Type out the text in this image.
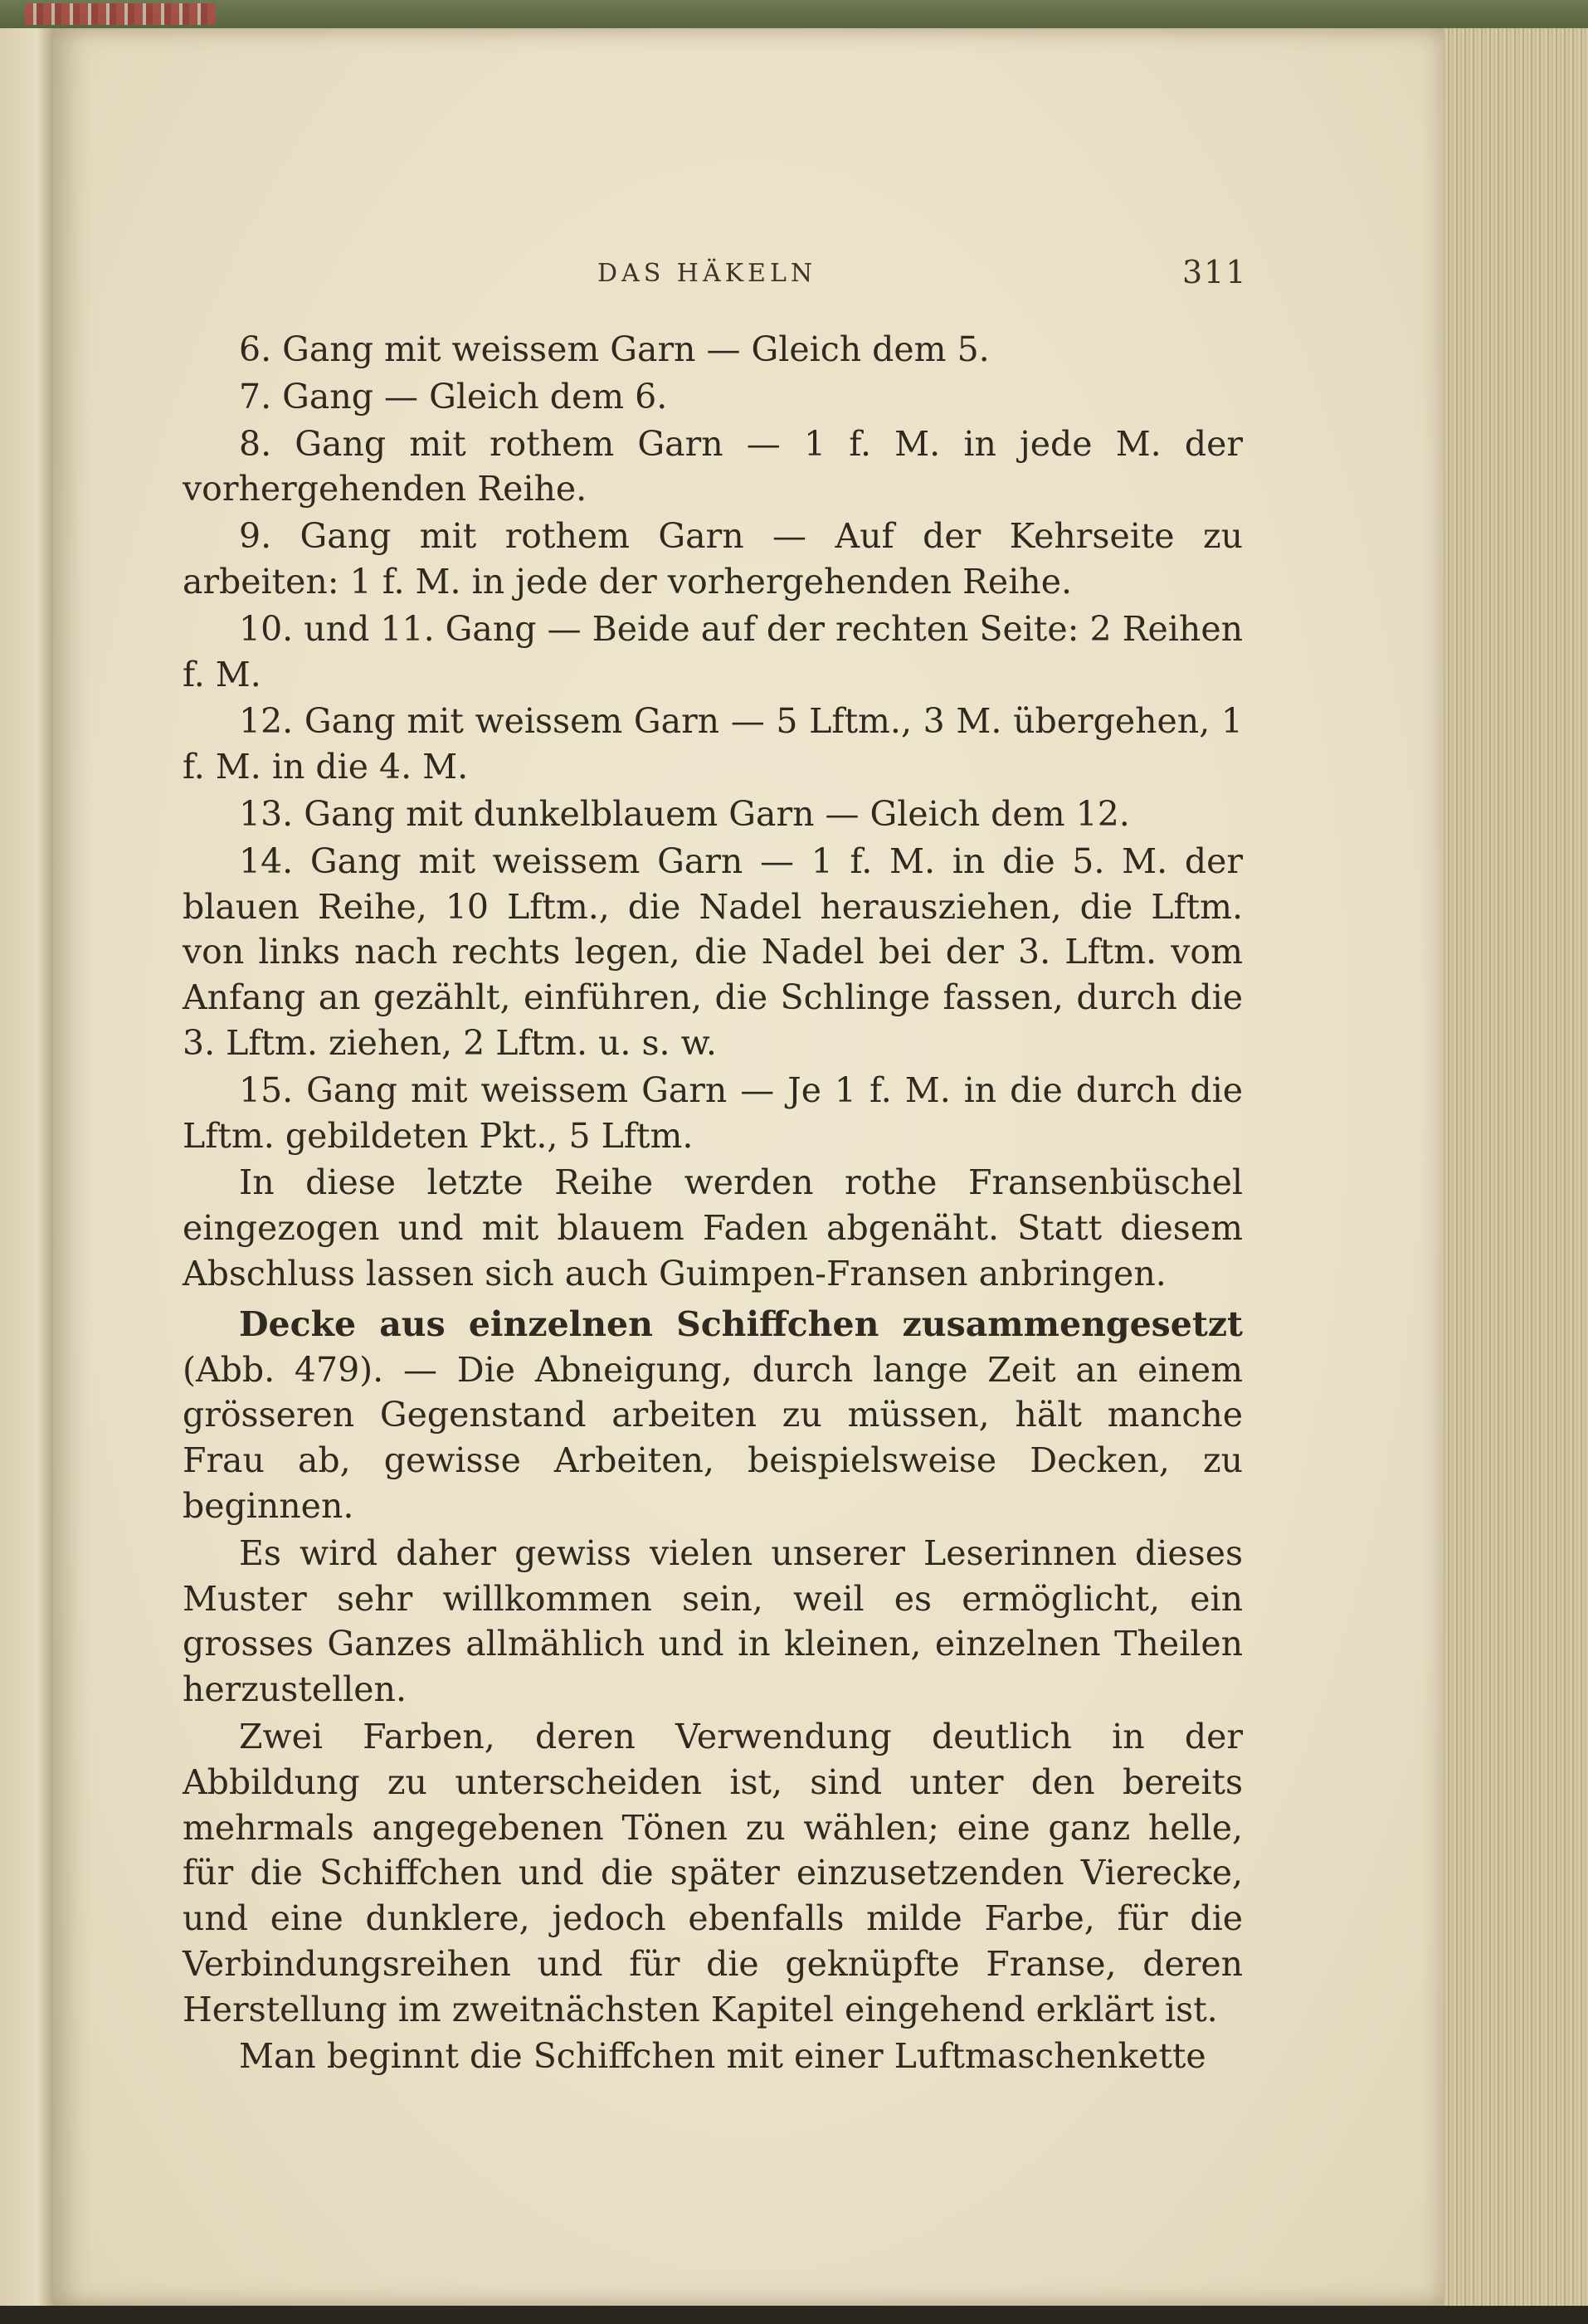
DAS HÄKELN	311

6. Gang mit weissem Garn — Gleich dem 5.

7. Gang — Gleich dem 6.

8. Gang mit rothem Garn — 1 f. M. in jede M. der vorhergehenden Reihe.

9. Gang mit rothem Garn — Auf der Kehrseite zu arbeiten: 1 f. M. in jede der vorhergehenden Reihe.

10. und 11. Gang — Beide auf der rechten Seite: 2 Reihen f. M.

12. Gang mit weissem Garn — 5 Lftm., 3 M. übergehen, 1 f. M. in die 4. M.

13. Gang mit dunkelblauem Garn — Gleich dem 12.

14. Gang mit weissem Garn — 1 f. M. in die 5. M. der blauen Reihe, 10 Lftm., die Nadel herausziehen, die Lftm. von links nach rechts legen, die Nadel bei der 3. Lftm. vom Anfang an gezählt, einführen, die Schlinge fassen, durch die 3. Lftm. ziehen, 2 Lftm. u. s. w.

15. Gang mit weissem Garn — Je 1 f. M. in die durch die Lftm. gebildeten Pkt., 5 Lftm.

In diese letzte Reihe werden rothe Fransenbüschel eingezogen und mit blauem Faden abgenäht. Statt diesem Abschluss lassen sich auch Guimpen-Fransen anbringen.

Decke aus einzelnen Schiffchen zusammengesetzt (Abb. 479). — Die Abneigung, durch lange Zeit an einem grösseren Gegenstand arbeiten zu müssen, hält manche Frau ab, gewisse Arbeiten, beispielsweise Decken, zu beginnen.

Es wird daher gewiss vielen unserer Leserinnen dieses Muster sehr willkommen sein, weil es ermöglicht, ein grosses Ganzes allmählich und in kleinen, einzelnen Theilen herzustellen.

Zwei Farben, deren Verwendung deutlich in der Abbildung zu unterscheiden ist, sind unter den bereits mehrmals angegebenen Tönen zu wählen; eine ganz helle, für die Schiffchen und die später einzusetzenden Vierecke, und eine dunklere, jedoch ebenfalls milde Farbe, für die Verbindungsreihen und für die geknüpfte Franse, deren Herstellung im zweitnächsten Kapitel eingehend erklärt ist.

Man beginnt die Schiffchen mit einer Luftmaschenkette
